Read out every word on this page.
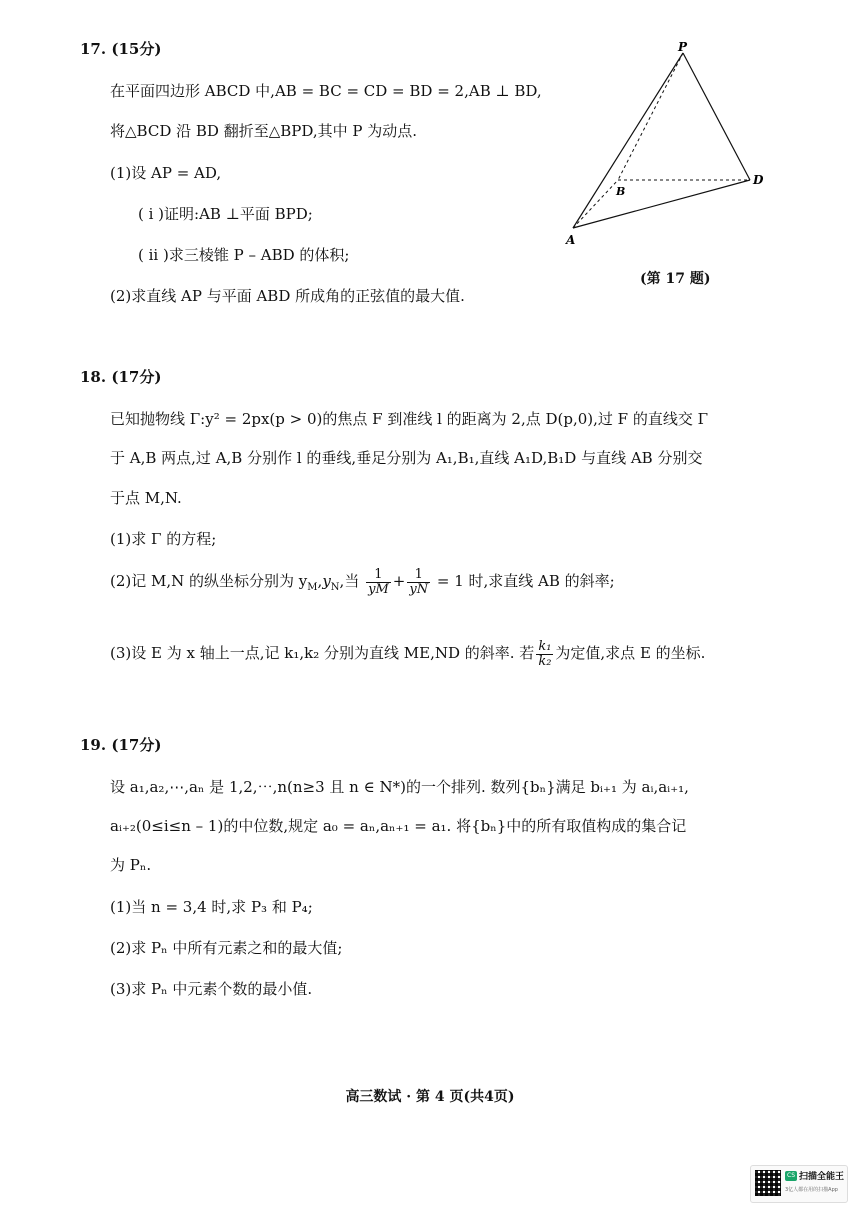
17. (15分)
在平面四边形 ABCD 中,AB = BC = CD = BD = 2,AB ⊥ BD,
将△BCD 沿 BD 翻折至△BPD,其中 P 为动点.
(1)设 AP = AD,
( i )证明:AB ⊥平面 BPD;
( ii )求三棱锥 P – ABD 的体积;
(2)求直线 AP 与平面 ABD 所成角的正弦值的最大值.
P
B
D
A
(第 17 题)
18. (17分)
已知抛物线 Γ:y² = 2px(p > 0)的焦点 F 到准线 l 的距离为 2,点 D(p,0),过 F 的直线交 Γ
于 A,B 两点,过 A,B 分别作 l 的垂线,垂足分别为 A₁,B₁,直线 A₁D,B₁D 与直线 AB 分别交
于点 M,N.
(1)求 Γ 的方程;
(2)记 M,N 的纵坐标分别为 $y_M,y_N$,当 $\frac{1}{yM} + \frac{1}{yN} = 1$ 时,求直线 AB 的斜率;
(3)设 E 为 x 轴上一点,记 k₁,k₂ 分别为直线 ME,ND 的斜率. 若 $\frac{\text{k₁}}{\text{k₂}}$ 为定值,求点 E 的坐标.
19. (17分)
设 a₁,a₂,⋯,aₙ 是 1,2,⋯,n(n≥3 且 n ∈ N*)的一个排列. 数列{bₙ}满足 bᵢ₊₁ 为 aᵢ,aᵢ₊₁,
aᵢ₊₂(0≤i≤n – 1)的中位数,规定 a₀ = aₙ,aₙ₊₁ = a₁. 将{bₙ}中的所有取值构成的集合记
为 Pₙ.
(1)当 n = 3,4 时,求 P₃ 和 P₄;
(2)求 Pₙ 中所有元素之和的最大值;
(3)求 Pₙ 中元素个数的最小值.
高三数试 · 第 4 页(共4页)
CS 扫描全能王
3亿人都在用的扫描App
